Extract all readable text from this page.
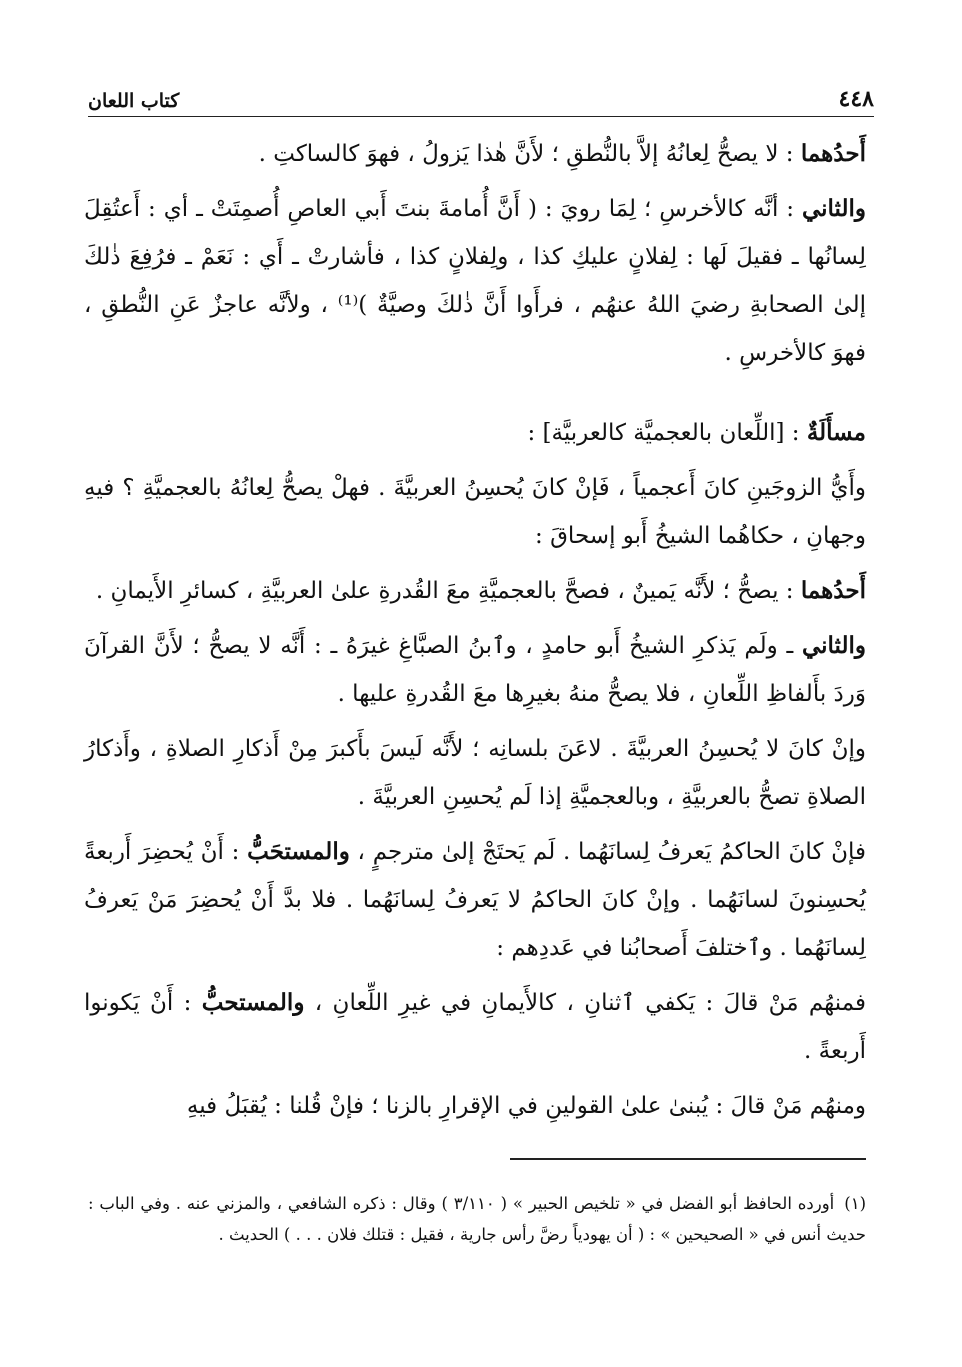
٤٤٨
كتاب اللعان

أَحدُهما : لا يصحُّ لِعانُهُ إلاَّ بالنُّطقِ ؛ لأَنَّ هٰذا يَزولُ ، فهوَ كالساكتِ .

والثاني : أنَّه كالأخرسِ ؛ لِمَا رويَ : ( أَنَّ أُمامةَ بنتَ أَبي العاصِ أُصمِتَتْ ـ أي : أَعتُقِلَ لِسانُها ـ فقيلَ لَها : لِفلانٍ عليكِ كذا ، ولِفلانٍ كذا ، فأشارتْ ـ أَي : نَعَمْ ـ فرُفِعَ ذٰلكَ إلىٰ الصحابةِ رضيَ اللهُ عنهُم ، فرأَوا أَنَّ ذٰلكَ وصيَّةٌ )⁽¹⁾ ، ولأنَّه عاجزٌ عَنِ النُّطقِ ، فهوَ كالأخرسِ .

مسأَلَةٌ : [اللِّعان بالعجميَّة كالعربيَّة] :

وأَيُّ الزوجَينِ كانَ أَعجمياً ، فَإنْ كانَ يُحسِنُ العربيَّةَ . فهلْ يصحُّ لِعانُهُ بالعجميَّةِ ؟ فيهِ وجهانِ ، حكاهُما الشيخُ أَبو إسحاقَ :

أَحدُهما : يصحُّ ؛ لأَنَّه يَمينٌ ، فصحَّ بالعجميَّةِ معَ القُدرةِ علىٰ العربيَّةِ ، كسائرِ الأَيمانِ .

والثاني ـ ولَم يَذكرِ الشيخُ أَبو حامدٍ ، وٱبنُ الصبَّاغِ غيرَهُ ـ : أَنَّه لا يصحُّ ؛ لأَنَّ القرآنَ وَردَ بأَلفاظِ اللِّعانِ ، فلا يصحُّ منهُ بغيرِها معَ القُدرةِ عليها .

وإنْ كانَ لا يُحسِنُ العربيَّةَ . لاعَنَ بلسانِه ؛ لأَنَّه لَيسَ بأَكبرَ مِنْ أَذكارِ الصلاةِ ، وأَذكارُ الصلاةِ تصحُّ بالعربيَّةِ ، وبالعجميَّةِ إذا لَم يُحسِنِ العربيَّةَ .

فإنْ كانَ الحاكمُ يَعرفُ لِسانَهُما . لَم يَحتَجْ إلىٰ مترجمٍ ، والمستحَبُّ : أَنْ يُحضِرَ أَربعةً يُحسِنونَ لسانَهُما . وإنْ كانَ الحاكمُ لا يَعرفُ لِسانَهُما . فلا بدَّ أَنْ يُحضِرَ مَنْ يَعرفُ لِسانَهُما . وٱختلفَ أَصحابُنا في عَددِهم :

فمنهُم مَنْ قالَ : يَكفي ٱثنانِ ، كالأَيمانِ في غيرِ اللِّعانِ ، والمستحبُّ : أَنْ يَكونوا أَربعةً .

ومنهُم مَنْ قالَ : يُبنىٰ علىٰ القولينِ في الإقرارِ بالزنا ؛ فإنْ قُلنا : يُقبَلُ فيهِ

(١)أورده الحافظ أبو الفضل في « تلخيص الحبير » ( ٣/١١٠ ) وقال : ذكره الشافعي ، والمزني عنه . وفي الباب : حديث أنس في « الصحيحين » : ( أن يهودياً رضَّ رأس جارية ، فقيل : قتلك فلان . . . ) الحديث .
